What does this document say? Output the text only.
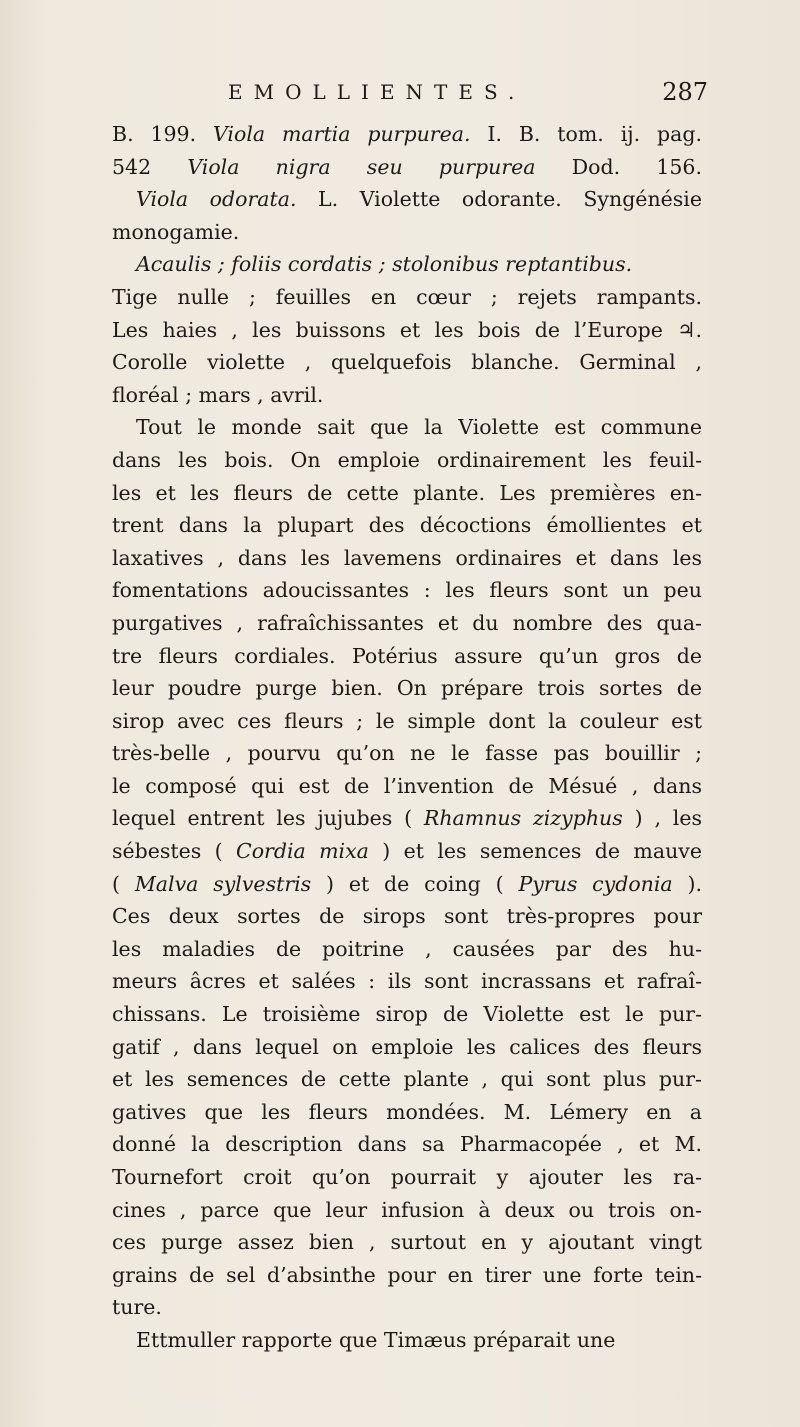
EMOLLIENTES.	287
B. 199. Viola martia purpurea. I. B. tom. ij. pag.
542 Viola nigra seu purpurea Dod. 156.
Viola odorata. L. Violette odorante. Syngénésie
monogamie.
Acaulis ; foliis cordatis ; stolonibus reptantibus.
Tige nulle ; feuilles en cœur ; rejets rampants.
Les haies , les buissons et les bois de l’Europe ♃.
Corolle violette , quelquefois blanche. Germinal ,
floréal ; mars , avril.
Tout le monde sait que la Violette est commune
dans les bois. On emploie ordinairement les feuil-
les et les fleurs de cette plante. Les premières en-
trent dans la plupart des décoctions émollientes et
laxatives , dans les lavemens ordinaires et dans les
fomentations adoucissantes : les fleurs sont un peu
purgatives , rafraîchissantes et du nombre des qua-
tre fleurs cordiales. Potérius assure qu’un gros de
leur poudre purge bien. On prépare trois sortes de
sirop avec ces fleurs ; le simple dont la couleur est
très-belle , pourvu qu’on ne le fasse pas bouillir ;
le composé qui est de l’invention de Mésué , dans
lequel entrent les jujubes ( Rhamnus zizyphus ) , les
sébestes ( Cordia mixa ) et les semences de mauve
( Malva sylvestris ) et de coing ( Pyrus cydonia ).
Ces deux sortes de sirops sont très-propres pour
les maladies de poitrine , causées par des hu-
meurs âcres et salées : ils sont incrassans et rafraî-
chissans. Le troisième sirop de Violette est le pur-
gatif , dans lequel on emploie les calices des fleurs
et les semences de cette plante , qui sont plus pur-
gatives que les fleurs mondées. M. Lémery en a
donné la description dans sa Pharmacopée , et M.
Tournefort croit qu’on pourrait y ajouter les ra-
cines , parce que leur infusion à deux ou trois on-
ces purge assez bien , surtout en y ajoutant vingt
grains de sel d’absinthe pour en tirer une forte tein-
ture.
Ettmuller rapporte que Timæus préparait une
